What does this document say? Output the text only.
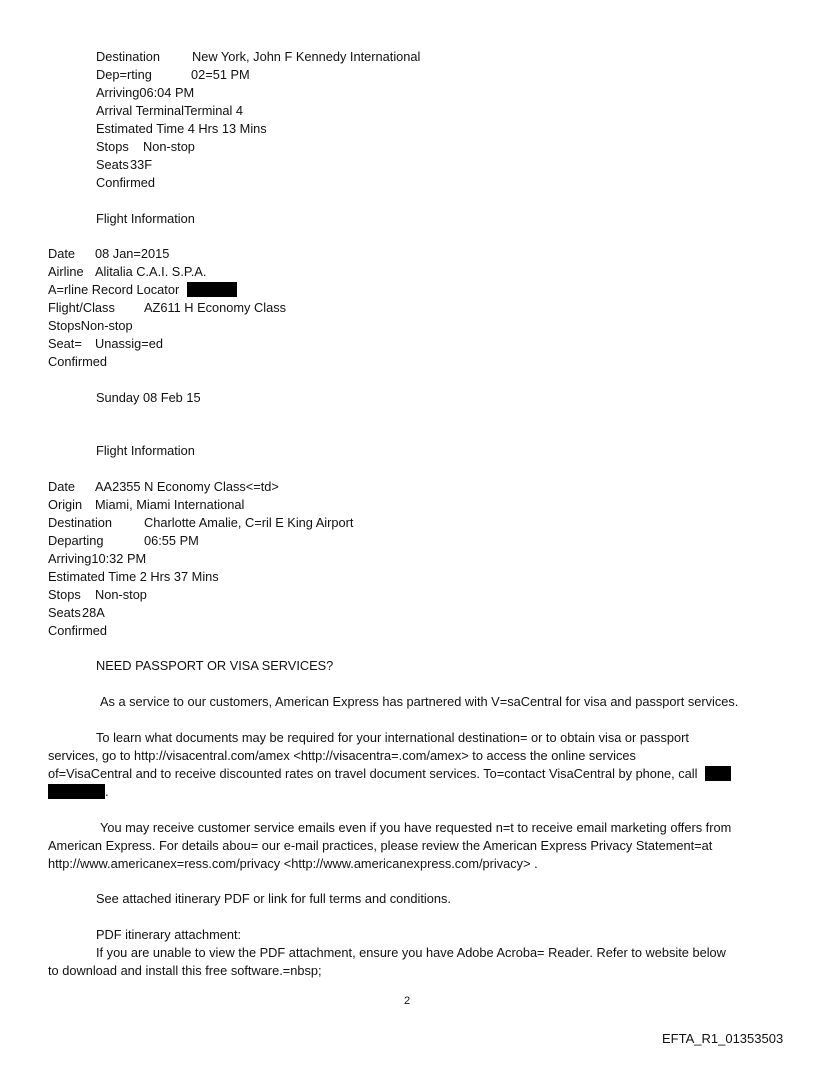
Destination New York, John F Kennedy International
Dep=rting	02=51 PM
Arriving06:04 PM
Arrival TerminalTerminal 4
Estimated Time 4 Hrs 13 Mins
Stops Non-stop
Seats33F
Confirmed
Flight Information
Date 08 Jan=2015
Airline Alitalia C.A.I. S.P.A.
A=rline Record Locator
Flight/Class AZ611 H Economy Class
StopsNon-stop
Seat= Unassig=ed
Confirmed
Sunday 08 Feb 15
Flight Information
Date AA2355 N Economy Class<=td>
Origin Miami, Miami International
Destination Charlotte Amalie, C=ril E King Airport
Departing	06:55 PM
Arriving10:32 PM
Estimated Time 2 Hrs 37 Mins
Stops Non-stop
Seats28A
Confirmed
NEED PASSPORT OR VISA SERVICES?
As a service to our customers, American Express has partnered with V=saCentral for visa and passport services.
To learn what documents may be required for your international destination= or to obtain visa or passport
services, go to http://visacentral.com/amex <http://visacentra=.com/amex> to access the online services
of=VisaCentral and to receive discounted rates on travel document services. To=contact VisaCentral by phone, call
.
You may receive customer service emails even if you have requested n=t to receive email marketing offers from
American Express. For details abou= our e-mail practices, please review the American Express Privacy Statement=at
http://www.americanex=ress.com/privacy <http://www.americanexpress.com/privacy> .
See attached itinerary PDF or link for full terms and conditions.
PDF itinerary attachment:
If you are unable to view the PDF attachment, ensure you have Adobe Acroba= Reader. Refer to website below
to download and install this free software.=nbsp;
2
EFTA_R1_01353503
